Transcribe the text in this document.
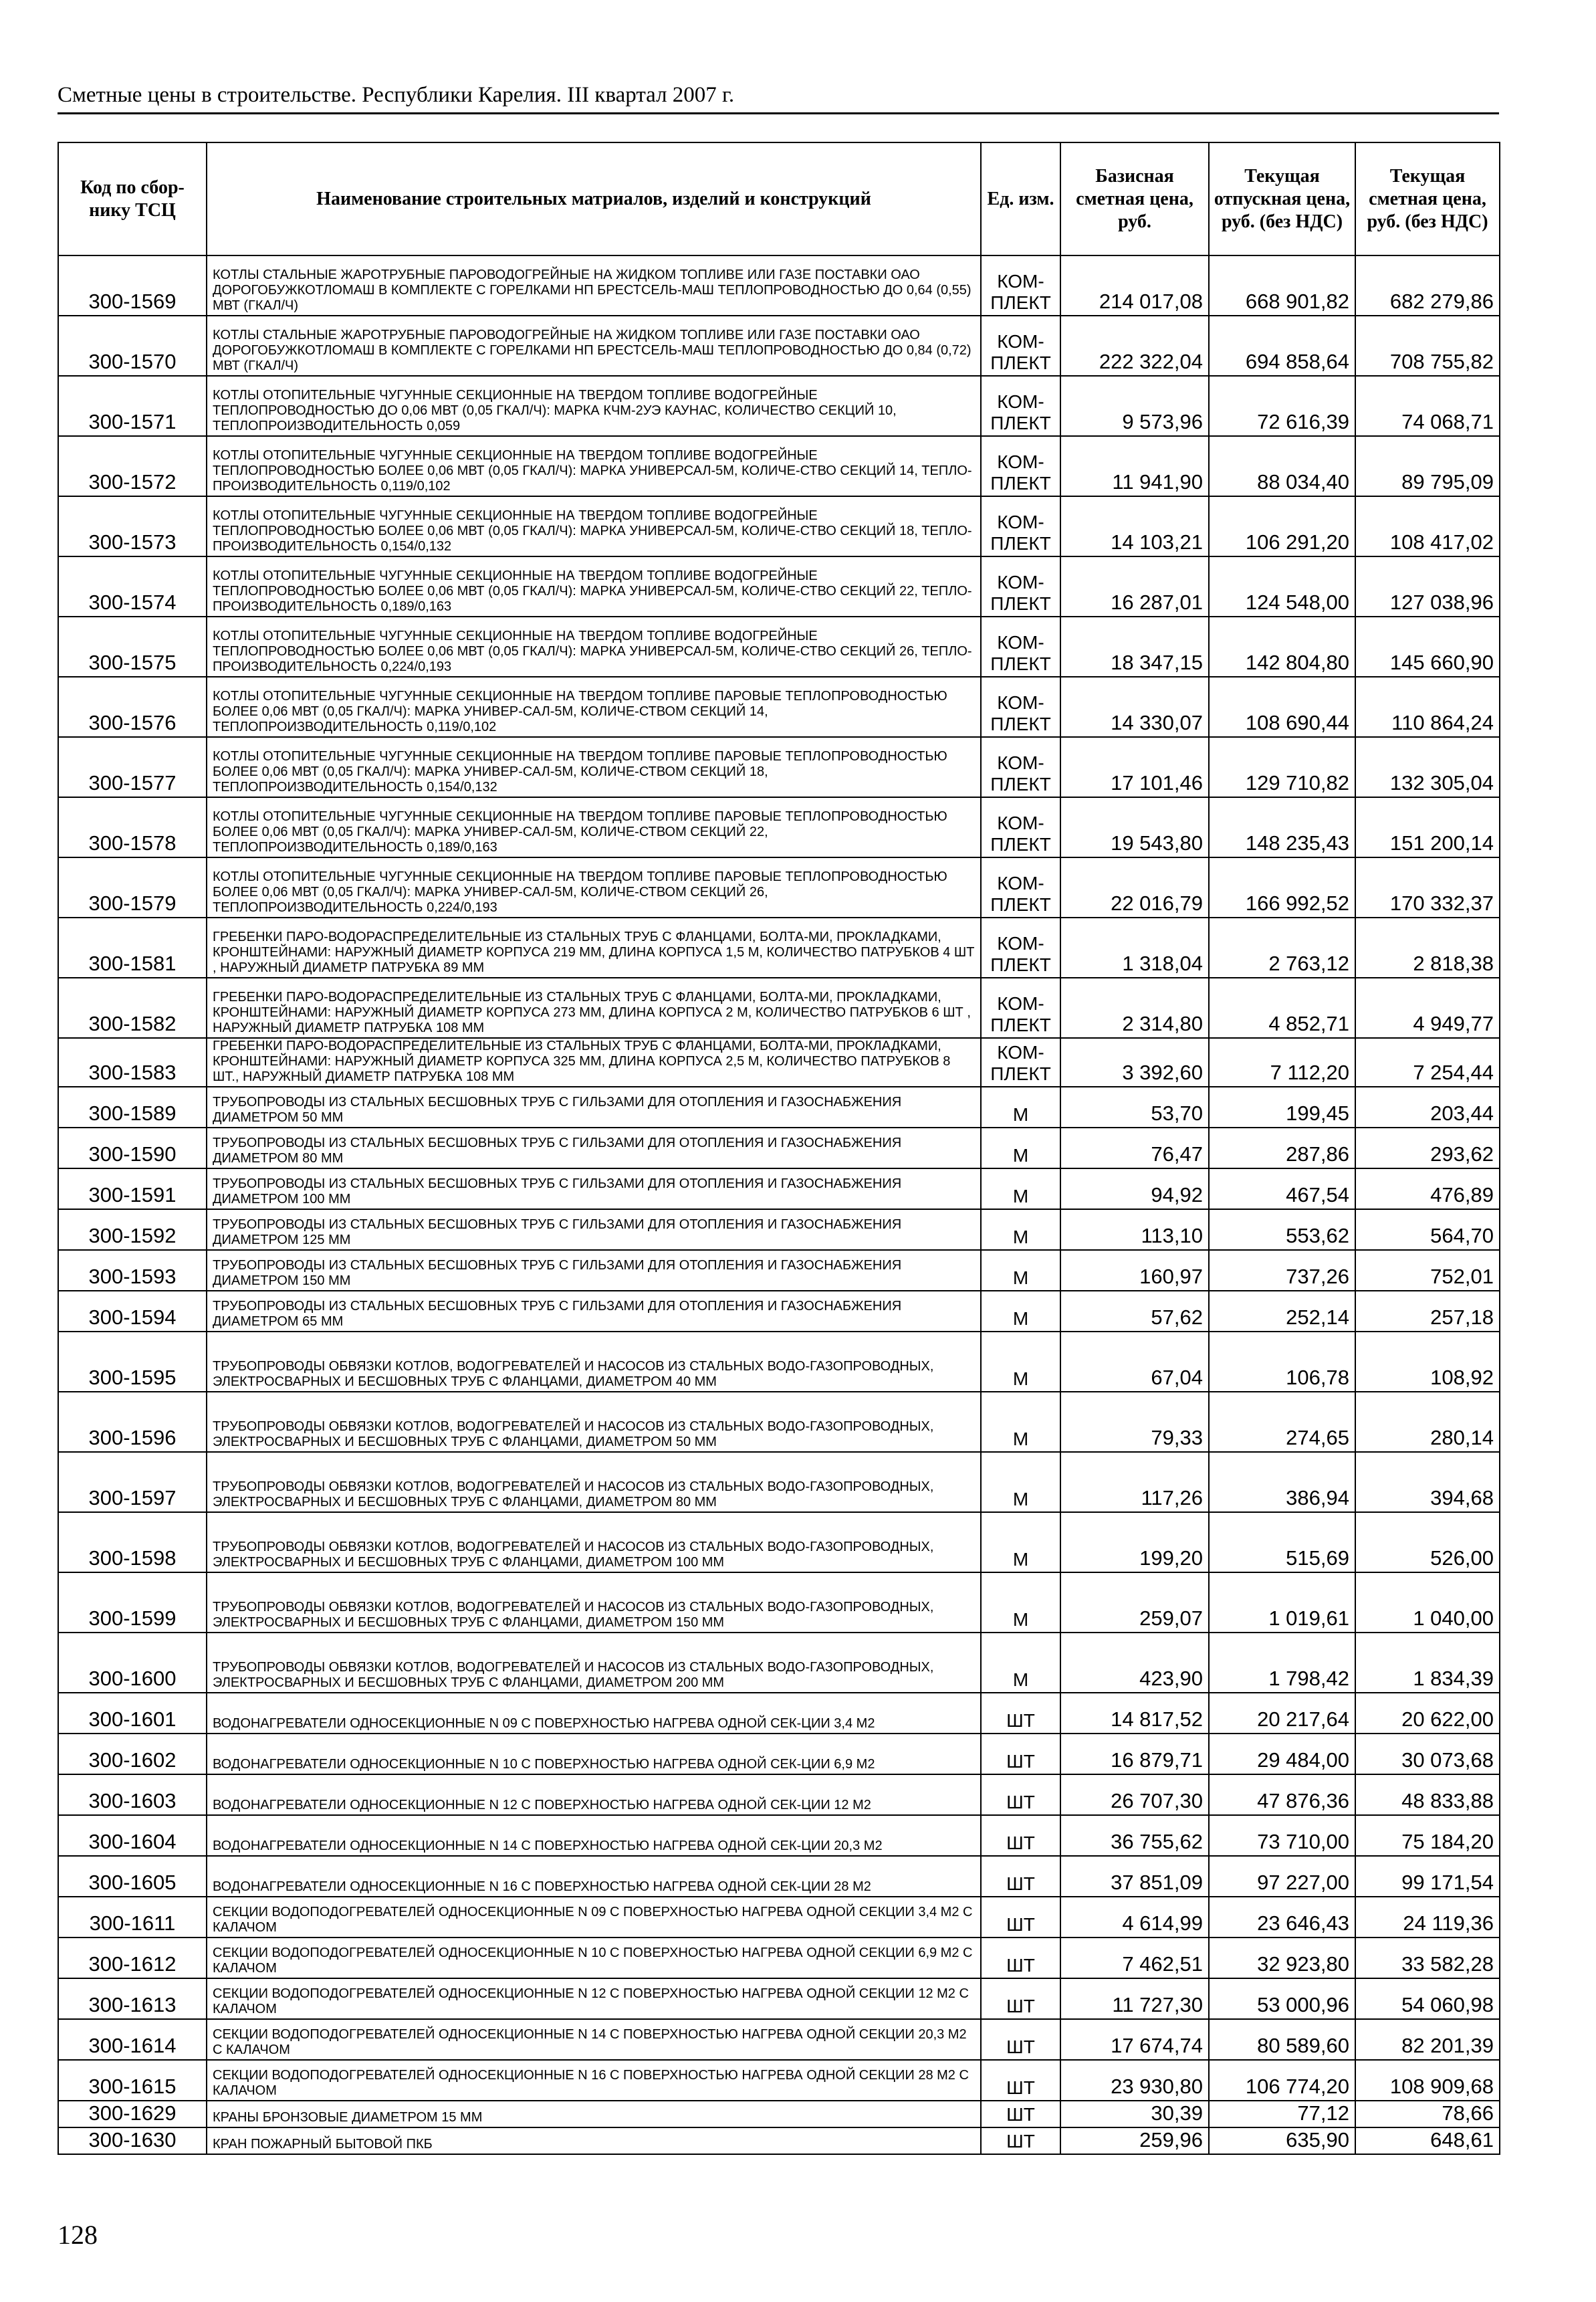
Сметные цены в строительстве. Республики Карелия. III квартал 2007 г.
Код по сбор-нику ТСЦ	Наименование строительных матриалов, изделий и конструкций	Ед. изм.	Базисная сметная цена, руб.	Текущая отпускная цена, руб. (без НДС)	Текущая сметная цена, руб. (без НДС)
300-1569	КОТЛЫ СТАЛЬНЫЕ ЖАРОТРУБНЫЕ ПАРОВОДОГРЕЙНЫЕ НА ЖИДКОМ ТОПЛИВЕ ИЛИ ГАЗЕ ПОСТАВКИ ОАО ДОРОГОБУЖКОТЛОМАШ В КОМПЛЕКТЕ С ГОРЕЛКАМИ НП БРЕСТСЕЛЬ-МАШ ТЕПЛОПРОВОДНОСТЬЮ ДО 0,64 (0,55) МВТ (ГКАЛ/Ч)	КОМ-ПЛЕКТ	214 017,08	668 901,82	682 279,86
300-1570	КОТЛЫ СТАЛЬНЫЕ ЖАРОТРУБНЫЕ ПАРОВОДОГРЕЙНЫЕ НА ЖИДКОМ ТОПЛИВЕ ИЛИ ГАЗЕ ПОСТАВКИ ОАО ДОРОГОБУЖКОТЛОМАШ В КОМПЛЕКТЕ С ГОРЕЛКАМИ НП БРЕСТСЕЛЬ-МАШ ТЕПЛОПРОВОДНОСТЬЮ ДО 0,84 (0,72) МВТ (ГКАЛ/Ч)	КОМ-ПЛЕКТ	222 322,04	694 858,64	708 755,82
300-1571	КОТЛЫ ОТОПИТЕЛЬНЫЕ ЧУГУННЫЕ СЕКЦИОННЫЕ НА ТВЕРДОМ ТОПЛИВЕ ВОДОГРЕЙНЫЕ ТЕПЛОПРОВОДНОСТЬЮ ДО 0,06 МВТ (0,05 ГКАЛ/Ч): МАРКА КЧМ-2УЭ КАУНАС, КОЛИЧЕСТВО СЕКЦИЙ 10, ТЕПЛОПРОИЗВОДИТЕЛЬНОСТЬ 0,059	КОМ-ПЛЕКТ	9 573,96	72 616,39	74 068,71
300-1572	КОТЛЫ ОТОПИТЕЛЬНЫЕ ЧУГУННЫЕ СЕКЦИОННЫЕ НА ТВЕРДОМ ТОПЛИВЕ ВОДОГРЕЙНЫЕ ТЕПЛОПРОВОДНОСТЬЮ БОЛЕЕ 0,06 МВТ (0,05 ГКАЛ/Ч): МАРКА УНИВЕРСАЛ-5М, КОЛИЧЕ-СТВО СЕКЦИЙ 14, ТЕПЛО-ПРОИЗВОДИТЕЛЬНОСТЬ 0,119/0,102	КОМ-ПЛЕКТ	11 941,90	88 034,40	89 795,09
300-1573	КОТЛЫ ОТОПИТЕЛЬНЫЕ ЧУГУННЫЕ СЕКЦИОННЫЕ НА ТВЕРДОМ ТОПЛИВЕ ВОДОГРЕЙНЫЕ ТЕПЛОПРОВОДНОСТЬЮ БОЛЕЕ 0,06 МВТ (0,05 ГКАЛ/Ч): МАРКА УНИВЕРСАЛ-5М, КОЛИЧЕ-СТВО СЕКЦИЙ 18, ТЕПЛО-ПРОИЗВОДИТЕЛЬНОСТЬ 0,154/0,132	КОМ-ПЛЕКТ	14 103,21	106 291,20	108 417,02
300-1574	КОТЛЫ ОТОПИТЕЛЬНЫЕ ЧУГУННЫЕ СЕКЦИОННЫЕ НА ТВЕРДОМ ТОПЛИВЕ ВОДОГРЕЙНЫЕ ТЕПЛОПРОВОДНОСТЬЮ БОЛЕЕ 0,06 МВТ (0,05 ГКАЛ/Ч): МАРКА УНИВЕРСАЛ-5М, КОЛИЧЕ-СТВО СЕКЦИЙ 22, ТЕПЛО-ПРОИЗВОДИТЕЛЬНОСТЬ 0,189/0,163	КОМ-ПЛЕКТ	16 287,01	124 548,00	127 038,96
300-1575	КОТЛЫ ОТОПИТЕЛЬНЫЕ ЧУГУННЫЕ СЕКЦИОННЫЕ НА ТВЕРДОМ ТОПЛИВЕ ВОДОГРЕЙНЫЕ ТЕПЛОПРОВОДНОСТЬЮ БОЛЕЕ 0,06 МВТ (0,05 ГКАЛ/Ч): МАРКА УНИВЕРСАЛ-5М, КОЛИЧЕ-СТВО СЕКЦИЙ 26, ТЕПЛО-ПРОИЗВОДИТЕЛЬНОСТЬ 0,224/0,193	КОМ-ПЛЕКТ	18 347,15	142 804,80	145 660,90
300-1576	КОТЛЫ ОТОПИТЕЛЬНЫЕ ЧУГУННЫЕ СЕКЦИОННЫЕ НА ТВЕРДОМ ТОПЛИВЕ ПАРОВЫЕ ТЕПЛОПРОВОДНОСТЬЮ БОЛЕЕ 0,06 МВТ (0,05 ГКАЛ/Ч): МАРКА УНИВЕР-САЛ-5М, КОЛИЧЕ-СТВОМ СЕКЦИЙ 14, ТЕПЛОПРОИЗВОДИТЕЛЬНОСТЬ 0,119/0,102	КОМ-ПЛЕКТ	14 330,07	108 690,44	110 864,24
300-1577	КОТЛЫ ОТОПИТЕЛЬНЫЕ ЧУГУННЫЕ СЕКЦИОННЫЕ НА ТВЕРДОМ ТОПЛИВЕ ПАРОВЫЕ ТЕПЛОПРОВОДНОСТЬЮ БОЛЕЕ 0,06 МВТ (0,05 ГКАЛ/Ч): МАРКА УНИВЕР-САЛ-5М, КОЛИЧЕ-СТВОМ СЕКЦИЙ 18, ТЕПЛОПРОИЗВОДИТЕЛЬНОСТЬ 0,154/0,132	КОМ-ПЛЕКТ	17 101,46	129 710,82	132 305,04
300-1578	КОТЛЫ ОТОПИТЕЛЬНЫЕ ЧУГУННЫЕ СЕКЦИОННЫЕ НА ТВЕРДОМ ТОПЛИВЕ ПАРОВЫЕ ТЕПЛОПРОВОДНОСТЬЮ БОЛЕЕ 0,06 МВТ (0,05 ГКАЛ/Ч): МАРКА УНИВЕР-САЛ-5М, КОЛИЧЕ-СТВОМ СЕКЦИЙ 22, ТЕПЛОПРОИЗВОДИТЕЛЬНОСТЬ 0,189/0,163	КОМ-ПЛЕКТ	19 543,80	148 235,43	151 200,14
300-1579	КОТЛЫ ОТОПИТЕЛЬНЫЕ ЧУГУННЫЕ СЕКЦИОННЫЕ НА ТВЕРДОМ ТОПЛИВЕ ПАРОВЫЕ ТЕПЛОПРОВОДНОСТЬЮ БОЛЕЕ 0,06 МВТ (0,05 ГКАЛ/Ч): МАРКА УНИВЕР-САЛ-5М, КОЛИЧЕ-СТВОМ СЕКЦИЙ 26, ТЕПЛОПРОИЗВОДИТЕЛЬНОСТЬ 0,224/0,193	КОМ-ПЛЕКТ	22 016,79	166 992,52	170 332,37
300-1581	ГРЕБЕНКИ ПАРО-ВОДОРАСПРЕДЕЛИТЕЛЬНЫЕ ИЗ СТАЛЬНЫХ ТРУБ С ФЛАНЦАМИ, БОЛТА-МИ, ПРОКЛАДКАМИ, КРОНШТЕЙНАМИ: НАРУЖНЫЙ ДИАМЕТР КОРПУСА 219 ММ, ДЛИНА КОРПУСА 1,5 М, КОЛИЧЕСТВО ПАТРУБКОВ 4 ШТ , НАРУЖНЫЙ ДИАМЕТР ПАТРУБКА 89 ММ	КОМ-ПЛЕКТ	1 318,04	2 763,12	2 818,38
300-1582	ГРЕБЕНКИ ПАРО-ВОДОРАСПРЕДЕЛИТЕЛЬНЫЕ ИЗ СТАЛЬНЫХ ТРУБ С ФЛАНЦАМИ, БОЛТА-МИ, ПРОКЛАДКАМИ, КРОНШТЕЙНАМИ: НАРУЖНЫЙ ДИАМЕТР КОРПУСА 273 ММ, ДЛИНА КОРПУСА 2 М, КОЛИЧЕСТВО ПАТРУБКОВ 6 ШТ , НАРУЖНЫЙ ДИАМЕТР ПАТРУБКА 108 ММ	КОМ-ПЛЕКТ	2 314,80	4 852,71	4 949,77
300-1583	ГРЕБЕНКИ ПАРО-ВОДОРАСПРЕДЕЛИТЕЛЬНЫЕ ИЗ СТАЛЬНЫХ ТРУБ С ФЛАНЦАМИ, БОЛТА-МИ, ПРОКЛАДКАМИ, КРОНШТЕЙНАМИ: НАРУЖНЫЙ ДИАМЕТР КОРПУСА 325 ММ, ДЛИНА КОРПУСА 2,5 М, КОЛИЧЕСТВО ПАТРУБКОВ 8 ШТ., НАРУЖНЫЙ ДИАМЕТР ПАТРУБКА 108 ММ	КОМ-ПЛЕКТ	3 392,60	7 112,20	7 254,44
300-1589	ТРУБОПРОВОДЫ ИЗ СТАЛЬНЫХ БЕСШОВНЫХ ТРУБ С ГИЛЬЗАМИ ДЛЯ ОТОПЛЕНИЯ И ГАЗОСНАБЖЕНИЯ ДИАМЕТРОМ 50 ММ	М	53,70	199,45	203,44
300-1590	ТРУБОПРОВОДЫ ИЗ СТАЛЬНЫХ БЕСШОВНЫХ ТРУБ С ГИЛЬЗАМИ ДЛЯ ОТОПЛЕНИЯ И ГАЗОСНАБЖЕНИЯ ДИАМЕТРОМ 80 ММ	М	76,47	287,86	293,62
300-1591	ТРУБОПРОВОДЫ ИЗ СТАЛЬНЫХ БЕСШОВНЫХ ТРУБ С ГИЛЬЗАМИ ДЛЯ ОТОПЛЕНИЯ И ГАЗОСНАБЖЕНИЯ ДИАМЕТРОМ 100 ММ	М	94,92	467,54	476,89
300-1592	ТРУБОПРОВОДЫ ИЗ СТАЛЬНЫХ БЕСШОВНЫХ ТРУБ С ГИЛЬЗАМИ ДЛЯ ОТОПЛЕНИЯ И ГАЗОСНАБЖЕНИЯ ДИАМЕТРОМ 125 ММ	М	113,10	553,62	564,70
300-1593	ТРУБОПРОВОДЫ ИЗ СТАЛЬНЫХ БЕСШОВНЫХ ТРУБ С ГИЛЬЗАМИ ДЛЯ ОТОПЛЕНИЯ И ГАЗОСНАБЖЕНИЯ ДИАМЕТРОМ 150 ММ	М	160,97	737,26	752,01
300-1594	ТРУБОПРОВОДЫ ИЗ СТАЛЬНЫХ БЕСШОВНЫХ ТРУБ С ГИЛЬЗАМИ ДЛЯ ОТОПЛЕНИЯ И ГАЗОСНАБЖЕНИЯ ДИАМЕТРОМ 65 ММ	М	57,62	252,14	257,18
300-1595	ТРУБОПРОВОДЫ ОБВЯЗКИ КОТЛОВ, ВОДОГРЕВАТЕЛЕЙ И НАСОСОВ ИЗ СТАЛЬНЫХ ВОДО-ГАЗОПРОВОДНЫХ, ЭЛЕКТРОСВАРНЫХ И БЕСШОВНЫХ ТРУБ С ФЛАНЦАМИ, ДИАМЕТРОМ 40 ММ	М	67,04	106,78	108,92
300-1596	ТРУБОПРОВОДЫ ОБВЯЗКИ КОТЛОВ, ВОДОГРЕВАТЕЛЕЙ И НАСОСОВ ИЗ СТАЛЬНЫХ ВОДО-ГАЗОПРОВОДНЫХ, ЭЛЕКТРОСВАРНЫХ И БЕСШОВНЫХ ТРУБ С ФЛАНЦАМИ, ДИАМЕТРОМ 50 ММ	М	79,33	274,65	280,14
300-1597	ТРУБОПРОВОДЫ ОБВЯЗКИ КОТЛОВ, ВОДОГРЕВАТЕЛЕЙ И НАСОСОВ ИЗ СТАЛЬНЫХ ВОДО-ГАЗОПРОВОДНЫХ, ЭЛЕКТРОСВАРНЫХ И БЕСШОВНЫХ ТРУБ С ФЛАНЦАМИ, ДИАМЕТРОМ 80 ММ	М	117,26	386,94	394,68
300-1598	ТРУБОПРОВОДЫ ОБВЯЗКИ КОТЛОВ, ВОДОГРЕВАТЕЛЕЙ И НАСОСОВ ИЗ СТАЛЬНЫХ ВОДО-ГАЗОПРОВОДНЫХ, ЭЛЕКТРОСВАРНЫХ И БЕСШОВНЫХ ТРУБ С ФЛАНЦАМИ, ДИАМЕТРОМ 100 ММ	М	199,20	515,69	526,00
300-1599	ТРУБОПРОВОДЫ ОБВЯЗКИ КОТЛОВ, ВОДОГРЕВАТЕЛЕЙ И НАСОСОВ ИЗ СТАЛЬНЫХ ВОДО-ГАЗОПРОВОДНЫХ, ЭЛЕКТРОСВАРНЫХ И БЕСШОВНЫХ ТРУБ С ФЛАНЦАМИ, ДИАМЕТРОМ 150 ММ	М	259,07	1 019,61	1 040,00
300-1600	ТРУБОПРОВОДЫ ОБВЯЗКИ КОТЛОВ, ВОДОГРЕВАТЕЛЕЙ И НАСОСОВ ИЗ СТАЛЬНЫХ ВОДО-ГАЗОПРОВОДНЫХ, ЭЛЕКТРОСВАРНЫХ И БЕСШОВНЫХ ТРУБ С ФЛАНЦАМИ, ДИАМЕТРОМ 200 ММ	М	423,90	1 798,42	1 834,39
300-1601	ВОДОНАГРЕВАТЕЛИ ОДНОСЕКЦИОННЫЕ N 09 С ПОВЕРХНОСТЬЮ НАГРЕВА ОДНОЙ СЕК-ЦИИ 3,4 М2	ШТ	14 817,52	20 217,64	20 622,00
300-1602	ВОДОНАГРЕВАТЕЛИ ОДНОСЕКЦИОННЫЕ N 10 С ПОВЕРХНОСТЬЮ НАГРЕВА ОДНОЙ СЕК-ЦИИ 6,9 М2	ШТ	16 879,71	29 484,00	30 073,68
300-1603	ВОДОНАГРЕВАТЕЛИ ОДНОСЕКЦИОННЫЕ N 12 С ПОВЕРХНОСТЬЮ НАГРЕВА ОДНОЙ СЕК-ЦИИ 12 М2	ШТ	26 707,30	47 876,36	48 833,88
300-1604	ВОДОНАГРЕВАТЕЛИ ОДНОСЕКЦИОННЫЕ N 14 С ПОВЕРХНОСТЬЮ НАГРЕВА ОДНОЙ СЕК-ЦИИ 20,3 М2	ШТ	36 755,62	73 710,00	75 184,20
300-1605	ВОДОНАГРЕВАТЕЛИ ОДНОСЕКЦИОННЫЕ N 16 С ПОВЕРХНОСТЬЮ НАГРЕВА ОДНОЙ СЕК-ЦИИ 28 М2	ШТ	37 851,09	97 227,00	99 171,54
300-1611	СЕКЦИИ ВОДОПОДОГРЕВАТЕЛЕЙ ОДНОСЕКЦИОННЫЕ N 09 С ПОВЕРХНОСТЬЮ НАГРЕВА ОДНОЙ СЕКЦИИ 3,4 М2 С КАЛАЧОМ	ШТ	4 614,99	23 646,43	24 119,36
300-1612	СЕКЦИИ ВОДОПОДОГРЕВАТЕЛЕЙ ОДНОСЕКЦИОННЫЕ N 10 С ПОВЕРХНОСТЬЮ НАГРЕВА ОДНОЙ СЕКЦИИ 6,9 М2 С КАЛАЧОМ	ШТ	7 462,51	32 923,80	33 582,28
300-1613	СЕКЦИИ ВОДОПОДОГРЕВАТЕЛЕЙ ОДНОСЕКЦИОННЫЕ N 12 С ПОВЕРХНОСТЬЮ НАГРЕВА ОДНОЙ СЕКЦИИ 12 М2 С КАЛАЧОМ	ШТ	11 727,30	53 000,96	54 060,98
300-1614	СЕКЦИИ ВОДОПОДОГРЕВАТЕЛЕЙ ОДНОСЕКЦИОННЫЕ N 14 С ПОВЕРХНОСТЬЮ НАГРЕВА ОДНОЙ СЕКЦИИ 20,3 М2 С КАЛАЧОМ	ШТ	17 674,74	80 589,60	82 201,39
300-1615	СЕКЦИИ ВОДОПОДОГРЕВАТЕЛЕЙ ОДНОСЕКЦИОННЫЕ N 16 С ПОВЕРХНОСТЬЮ НАГРЕВА ОДНОЙ СЕКЦИИ 28 М2 С КАЛАЧОМ	ШТ	23 930,80	106 774,20	108 909,68
300-1629	КРАНЫ БРОНЗОВЫЕ ДИАМЕТРОМ 15 ММ	ШТ	30,39	77,12	78,66
300-1630	КРАН ПОЖАРНЫЙ БЫТОВОЙ ПКБ	ШТ	259,96	635,90	648,61
128
